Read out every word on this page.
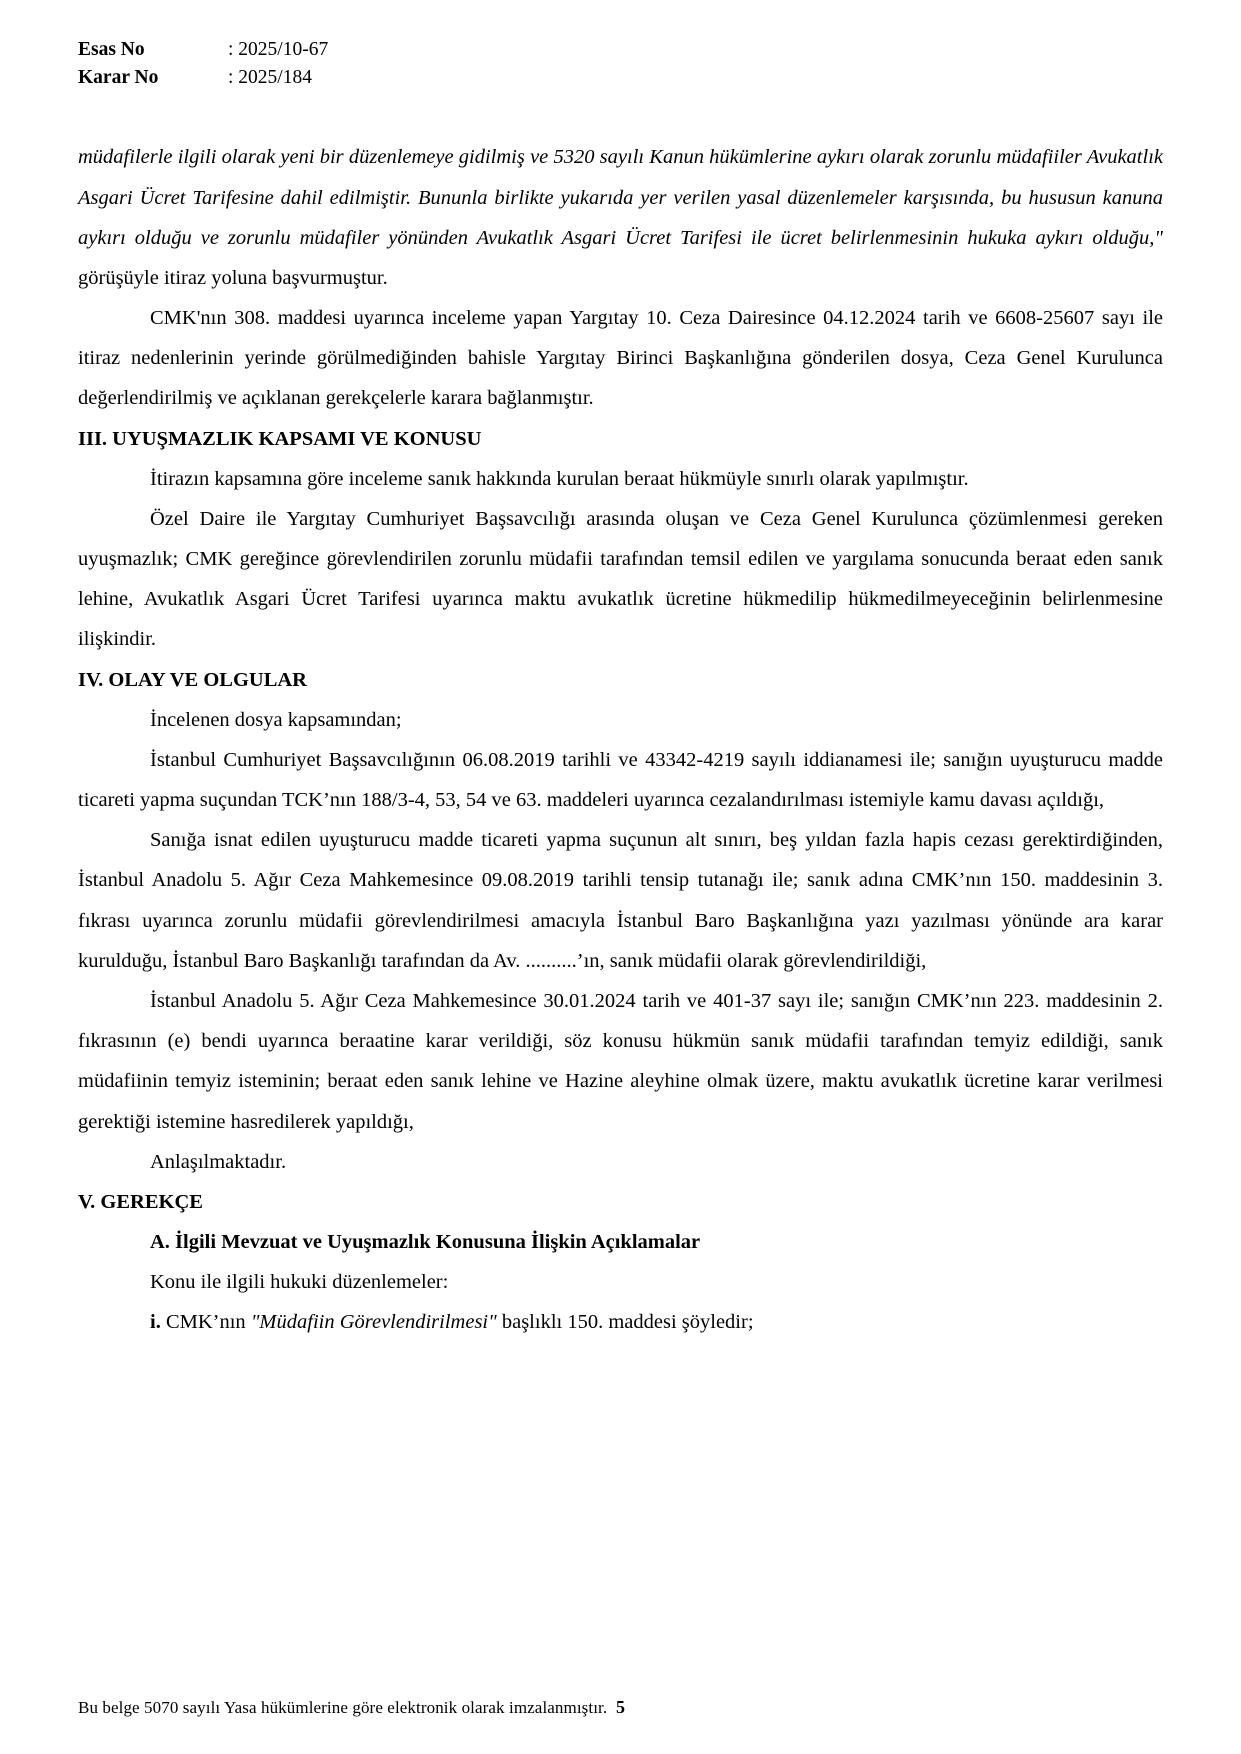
Esas No	: 2025/10-67
Karar No	: 2025/184

müdafilerle ilgili olarak yeni bir düzenlemeye gidilmiş ve 5320 sayılı Kanun hükümlerine aykırı olarak zorunlu müdafiiler Avukatlık Asgari Ücret Tarifesine dahil edilmiştir. Bununla birlikte yukarıda yer verilen yasal düzenlemeler karşısında, bu hususun kanuna aykırı olduğu ve zorunlu müdafiler yönünden Avukatlık Asgari Ücret Tarifesi ile ücret belirlenmesinin hukuka aykırı olduğu," görüşüyle itiraz yoluna başvurmuştur.

CMK'nın 308. maddesi uyarınca inceleme yapan Yargıtay 10. Ceza Dairesince 04.12.2024 tarih ve 6608-25607 sayı ile itiraz nedenlerinin yerinde görülmediğinden bahisle Yargıtay Birinci Başkanlığına gönderilen dosya, Ceza Genel Kurulunca değerlendirilmiş ve açıklanan gerekçelerle karara bağlanmıştır.

III. UYUŞMAZLIK KAPSAMI VE KONUSU

İtirazın kapsamına göre inceleme sanık hakkında kurulan beraat hükmüyle sınırlı olarak yapılmıştır.

Özel Daire ile Yargıtay Cumhuriyet Başsavcılığı arasında oluşan ve Ceza Genel Kurulunca çözümlenmesi gereken uyuşmazlık; CMK gereğince görevlendirilen zorunlu müdafii tarafından temsil edilen ve yargılama sonucunda beraat eden sanık lehine, Avukatlık Asgari Ücret Tarifesi uyarınca maktu avukatlık ücretine hükmedilip hükmedilmeyeceğinin belirlenmesine ilişkindir.

IV. OLAY VE OLGULAR

İncelenen dosya kapsamından;

İstanbul Cumhuriyet Başsavcılığının 06.08.2019 tarihli ve 43342-4219 sayılı iddianamesi ile; sanığın uyuşturucu madde ticareti yapma suçundan TCK’nın 188/3-4, 53, 54 ve 63. maddeleri uyarınca cezalandırılması istemiyle kamu davası açıldığı,

Sanığa isnat edilen uyuşturucu madde ticareti yapma suçunun alt sınırı, beş yıldan fazla hapis cezası gerektirdiğinden, İstanbul Anadolu 5. Ağır Ceza Mahkemesince 09.08.2019 tarihli tensip tutanağı ile; sanık adına CMK’nın 150. maddesinin 3. fıkrası uyarınca zorunlu müdafii görevlendirilmesi amacıyla İstanbul Baro Başkanlığına yazı yazılması yönünde ara karar kurulduğu, İstanbul Baro Başkanlığı tarafından da Av. ..........’ın, sanık müdafii olarak görevlendirildiği,

İstanbul Anadolu 5. Ağır Ceza Mahkemesince 30.01.2024 tarih ve 401-37 sayı ile; sanığın CMK’nın 223. maddesinin 2. fıkrasının (e) bendi uyarınca beraatine karar verildiği, söz konusu hükmün sanık müdafii tarafından temyiz edildiği, sanık müdafiinin temyiz isteminin; beraat eden sanık lehine ve Hazine aleyhine olmak üzere, maktu avukatlık ücretine karar verilmesi gerektiği istemine hasredilerek yapıldığı,

Anlaşılmaktadır.

V. GEREKÇE
A. İlgili Mevzuat ve Uyuşmazlık Konusuna İlişkin Açıklamalar

Konu ile ilgili hukuki düzenlemeler:

i. CMK’nın "Müdafiin Görevlendirilmesi" başlıklı 150. maddesi şöyledir;

Bu belge 5070 sayılı Yasa hükümlerine göre elektronik olarak imzalanmıştır. 5
